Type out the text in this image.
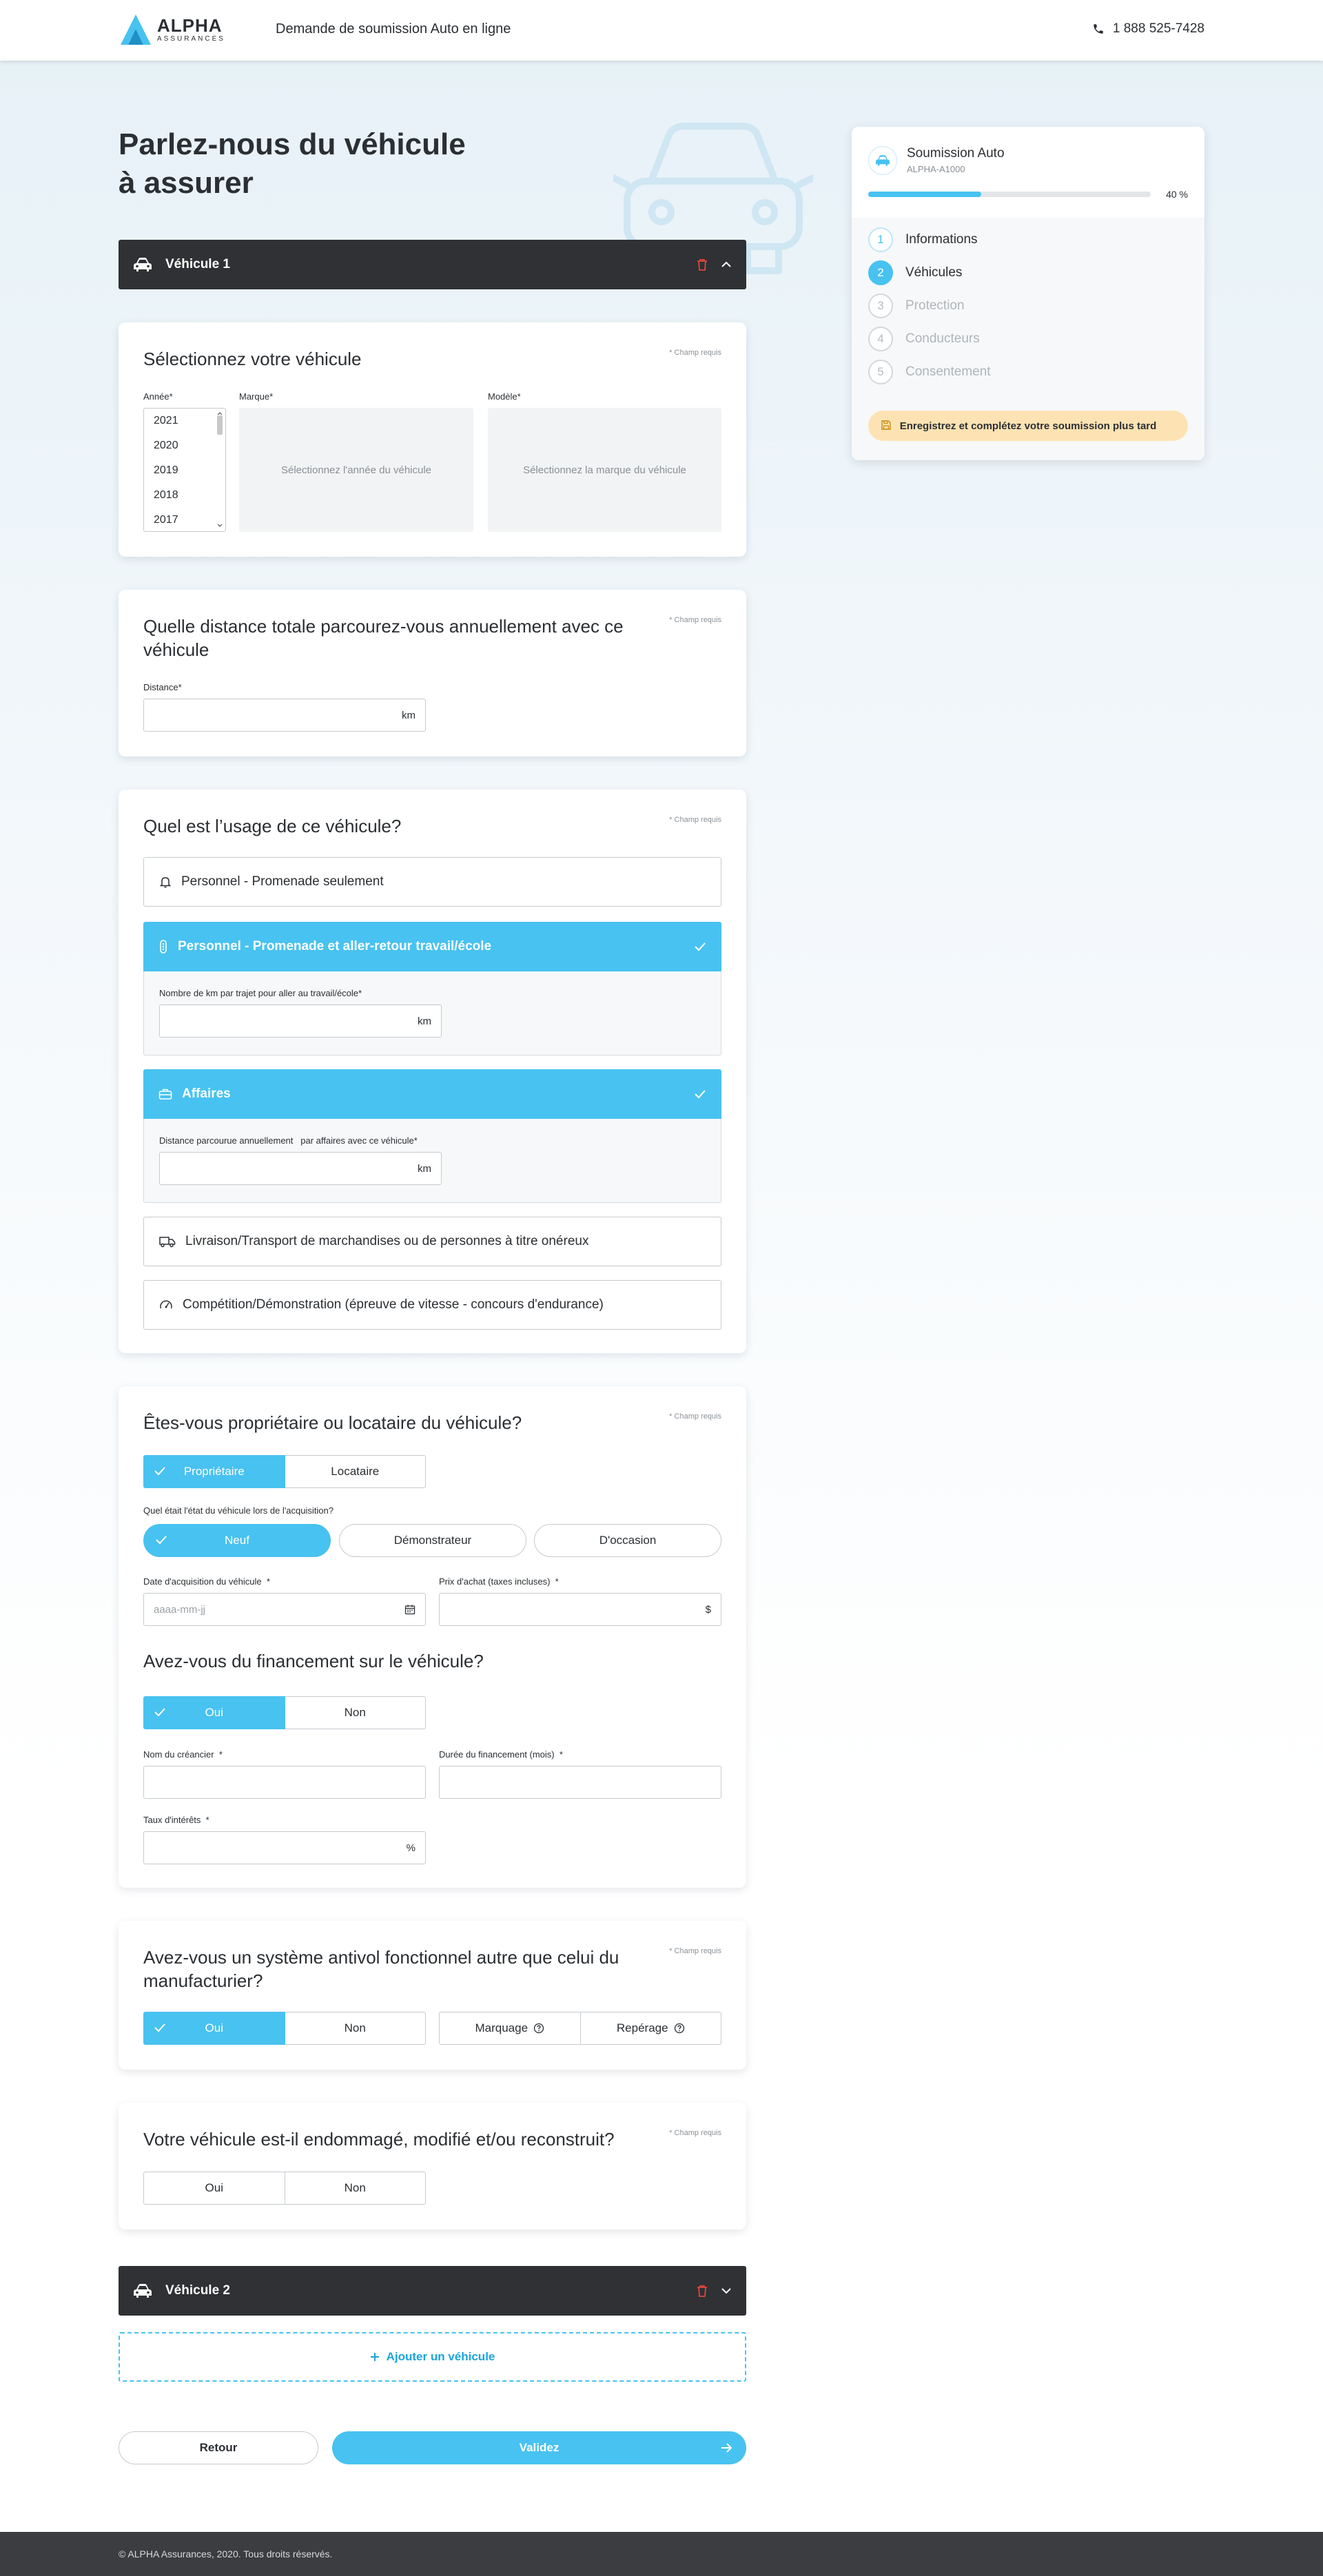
ALPHA
ASSURANCES
Demande de soumission Auto en ligne	1 888 525-7428
Parlez-nous du véhicule
à assurer
Véhicule 1
Sélectionnez votre véhicule	* Champ requis
Année*	Marque*	Modèle*
2021
2020
2019
2018
2017
Sélectionnez l'année du véhicule	Sélectionnez la marque du véhicule
Quelle distance totale parcourez-vous annuellement avec ce véhicule
* Champ requis
Distance*
km
Quel est l’usage de ce véhicule?	* Champ requis
Personnel - Promenade seulement
Personnel - Promenade et aller-retour travail/école
Nombre de km par trajet pour aller au travail/école*
km
Affaires
Distance parcourue annuellement   par affaires avec ce véhicule*
km
Livraison/Transport de marchandises ou de personnes à titre onéreux
Compétition/Démonstration (épreuve de vitesse - concours d'endurance)
Êtes-vous propriétaire ou locataire du véhicule?	* Champ requis
Propriétaire	Locataire
Quel était l'état du véhicule lors de l'acquisition?
Neuf	Démonstrateur	D'occasion
Date d'acquisition du véhicule  *
aaaa-mm-jj
Prix d'achat (taxes incluses)  *
$
Avez-vous du financement sur le véhicule?
Oui	Non
Nom du créancier  *	Durée du financement (mois)  *
Taux d'intérêts  *
%
Avez-vous un système antivol fonctionnel autre que celui du manufacturier?
* Champ requis
Oui	Non	Marquage	Repérage
Votre véhicule est-il endommagé, modifié et/ou reconstruit?	* Champ requis
Oui	Non
Véhicule 2
Ajouter un véhicule
Retour	Validez
© ALPHA Assurances, 2020. Tous droits réservés.
Soumission Auto
ALPHA-A1000
40 %
1	Informations
2	Véhicules
3	Protection
4	Conducteurs
5	Consentement
Enregistrez et complétez votre soumission plus tard
